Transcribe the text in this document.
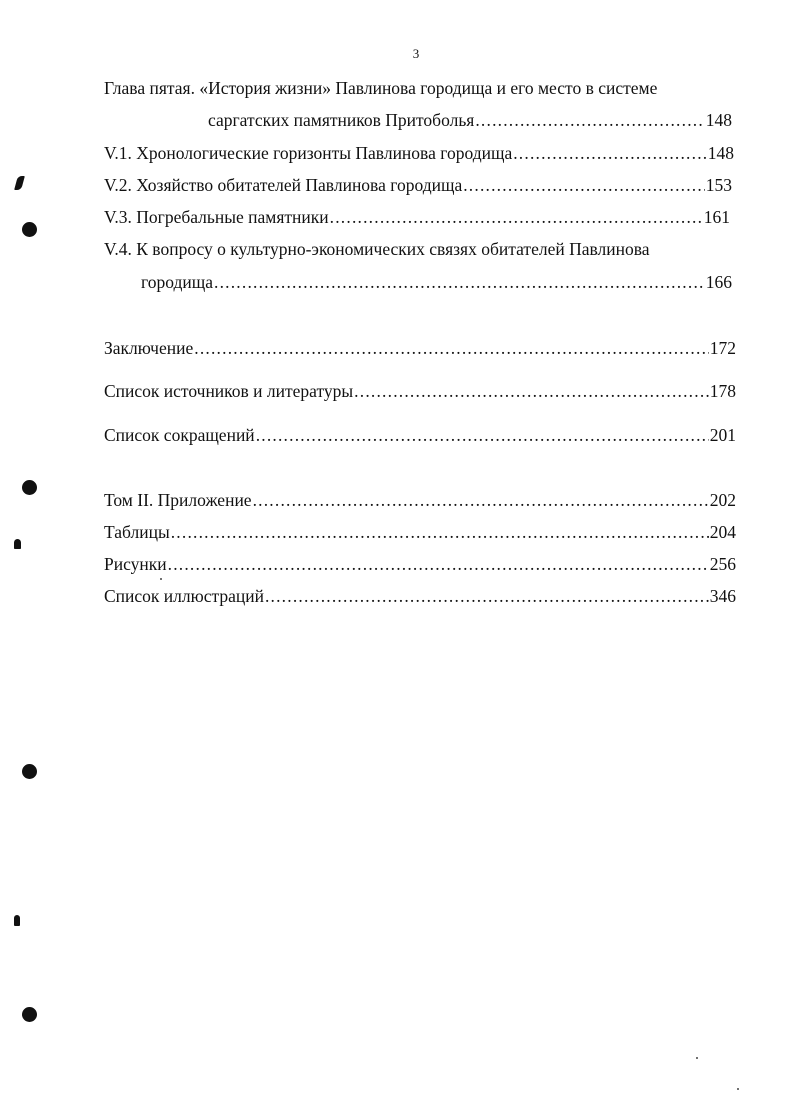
3
Глава пятая. «История жизни» Павлинова городища и его место в системе
саргатских памятников Притоболья .....	148
V.1. Хронологические горизонты Павлинова городища .....	148
V.2. Хозяйство обитателей Павлинова городища .....	153
V.3. Погребальные памятники .....	161
V.4. К вопросу о культурно-экономических связях обитателей Павлинова
городища .....	166
Заключение .....	172
Список источников и литературы .....	178
Список сокращений .....	201
Том II. Приложение .....	202
Таблицы .....	204
Рисунки .....	256
Список иллюстраций .....	346
